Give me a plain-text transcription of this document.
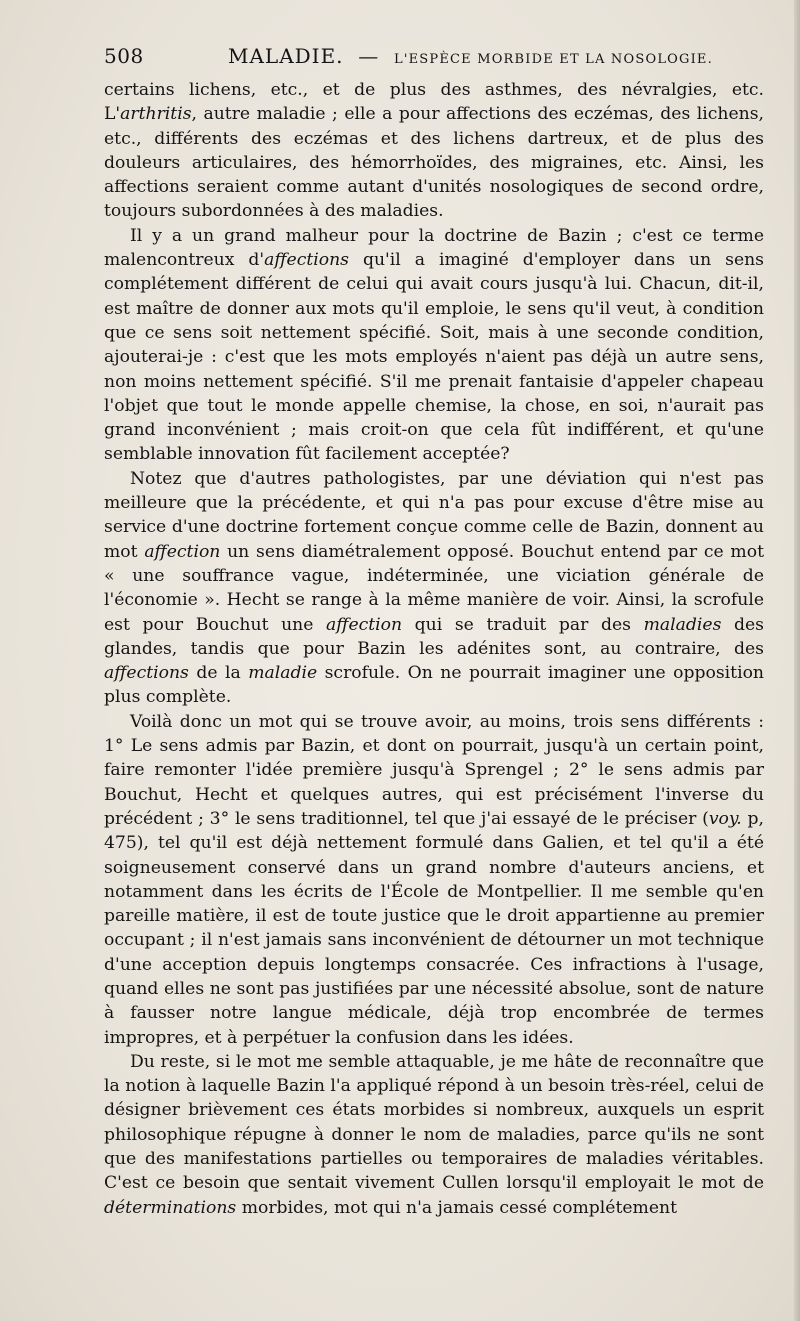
508	MALADIE. — L'ESPÈCE MORBIDE ET LA NOSOLOGIE.

certains lichens, etc., et de plus des asthmes, des névralgies, etc. L'arthritis, autre maladie ; elle a pour affections des eczémas, des lichens, etc., différents des eczémas et des lichens dartreux, et de plus des douleurs articulaires, des hémorrhoïdes, des migraines, etc. Ainsi, les affections seraient comme autant d'unités nosologiques de second ordre, toujours subordonnées à des maladies.

Il y a un grand malheur pour la doctrine de Bazin ; c'est ce terme malencontreux d'affections qu'il a imaginé d'employer dans un sens complétement différent de celui qui avait cours jusqu'à lui. Chacun, dit-il, est maître de donner aux mots qu'il emploie, le sens qu'il veut, à condition que ce sens soit nettement spécifié. Soit, mais à une seconde condition, ajouterai-je : c'est que les mots employés n'aient pas déjà un autre sens, non moins nettement spécifié. S'il me prenait fantaisie d'appeler chapeau l'objet que tout le monde appelle chemise, la chose, en soi, n'aurait pas grand inconvénient ; mais croit-on que cela fût indifférent, et qu'une semblable innovation fût facilement acceptée?

Notez que d'autres pathologistes, par une déviation qui n'est pas meilleure que la précédente, et qui n'a pas pour excuse d'être mise au service d'une doctrine fortement conçue comme celle de Bazin, donnent au mot affection un sens diamétralement opposé. Bouchut entend par ce mot « une souffrance vague, indéterminée, une viciation générale de l'économie ». Hecht se range à la même manière de voir. Ainsi, la scrofule est pour Bouchut une affection qui se traduit par des maladies des glandes, tandis que pour Bazin les adénites sont, au contraire, des affections de la maladie scrofule. On ne pourrait imaginer une opposition plus complète.

Voilà donc un mot qui se trouve avoir, au moins, trois sens différents : 1° Le sens admis par Bazin, et dont on pourrait, jusqu'à un certain point, faire remonter l'idée première jusqu'à Sprengel ; 2° le sens admis par Bouchut, Hecht et quelques autres, qui est précisément l'inverse du précédent ; 3° le sens traditionnel, tel que j'ai essayé de le préciser (voy. p, 475), tel qu'il est déjà nettement formulé dans Galien, et tel qu'il a été soigneusement conservé dans un grand nombre d'auteurs anciens, et notamment dans les écrits de l'École de Montpellier. Il me semble qu'en pareille matière, il est de toute justice que le droit appartienne au premier occupant ; il n'est jamais sans inconvénient de détourner un mot technique d'une acception depuis longtemps consacrée. Ces infractions à l'usage, quand elles ne sont pas justifiées par une nécessité absolue, sont de nature à fausser notre langue médicale, déjà trop encombrée de termes impropres, et à perpétuer la confusion dans les idées.

Du reste, si le mot me semble attaquable, je me hâte de reconnaître que la notion à laquelle Bazin l'a appliqué répond à un besoin très-réel, celui de désigner brièvement ces états morbides si nombreux, auxquels un esprit philosophique répugne à donner le nom de maladies, parce qu'ils ne sont que des manifestations partielles ou temporaires de maladies véritables. C'est ce besoin que sentait vivement Cullen lorsqu'il employait le mot de déterminations morbides, mot qui n'a jamais cessé complétement
